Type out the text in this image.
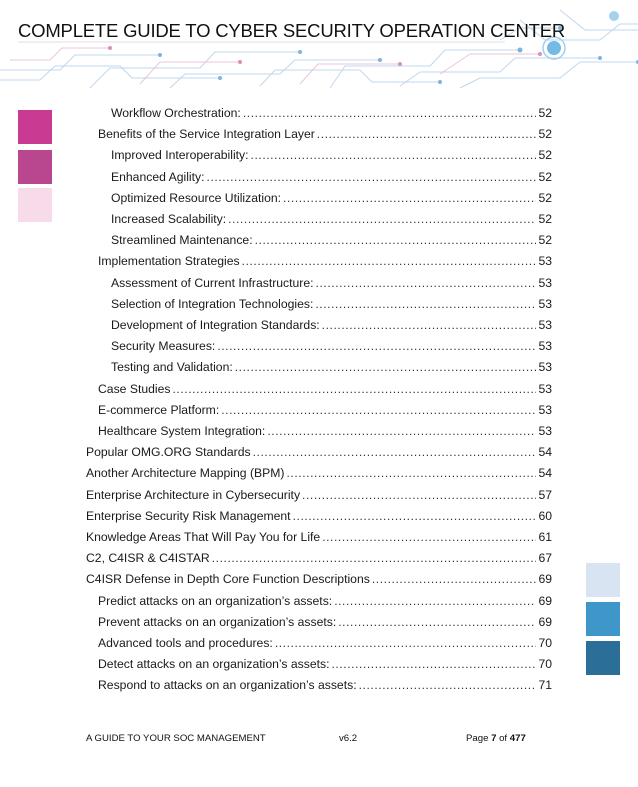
COMPLETE GUIDE TO CYBER SECURITY OPERATION CENTER
Workflow Orchestration: .....	52
Benefits of the Service Integration Layer .....	52
Improved Interoperability: .....	52
Enhanced Agility: .....	52
Optimized Resource Utilization: .....	52
Increased Scalability: .....	52
Streamlined Maintenance: .....	52
Implementation Strategies .....	53
Assessment of Current Infrastructure: .....	53
Selection of Integration Technologies: .....	53
Development of Integration Standards: .....	53
Security Measures: .....	53
Testing and Validation: .....	53
Case Studies .....	53
E-commerce Platform: .....	53
Healthcare System Integration: .....	53
Popular OMG.ORG Standards .....	54
Another Architecture Mapping (BPM) .....	54
Enterprise Architecture in Cybersecurity .....	57
Enterprise Security Risk Management .....	60
Knowledge Areas That Will Pay You for Life .....	61
C2, C4ISR & C4ISTAR .....	67
C4ISR Defense in Depth Core Function Descriptions .....	69
Predict attacks on an organization’s assets: .....	69
Prevent attacks on an organization’s assets: .....	69
Advanced tools and procedures: .....	70
Detect attacks on an organization’s assets: .....	70
Respond to attacks on an organization’s assets: .....	71
A GUIDE TO YOUR SOC MANAGEMENT	v6.2	Page 7 of 477
